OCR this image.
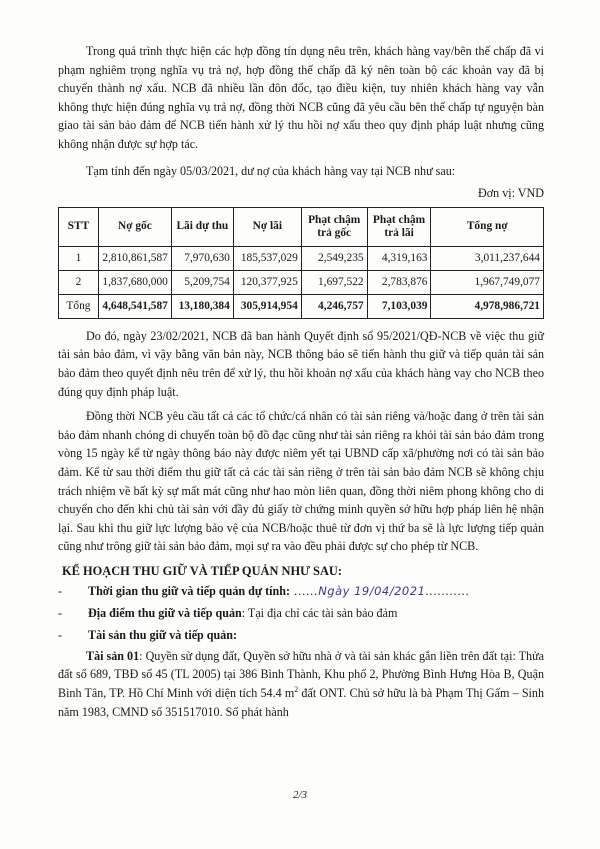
Trong quá trình thực hiện các hợp đồng tín dụng nêu trên, khách hàng vay/bên thế chấp đã vi phạm nghiêm trọng nghĩa vụ trả nợ, hợp đồng thế chấp đã ký nên toàn bộ các khoản vay đã bị chuyển thành nợ xấu. NCB đã nhiều lần đôn đốc, tạo điều kiện, tuy nhiên khách hàng vay vẫn không thực hiện đúng nghĩa vụ trả nợ, đồng thời NCB cũng đã yêu cầu bên thế chấp tự nguyện bàn giao tài sản bảo đảm để NCB tiến hành xử lý thu hồi nợ xấu theo quy định pháp luật nhưng cũng không nhận được sự hợp tác.

Tạm tính đến ngày 05/03/2021, dư nợ của khách hàng vay tại NCB như sau:

Đơn vị: VND

STT	Nợ gốc	Lãi dự thu	Nợ lãi	Phạt chậm trả gốc	Phạt chậm trả lãi	Tổng nợ
1	2,810,861,587	7,970,630	185,537,029	2,549,235	4,319,163	3,011,237,644
2	1,837,680,000	5,209,754	120,377,925	1,697,522	2,783,876	1,967,749,077
Tổng	4,648,541,587	13,180,384	305,914,954	4,246,757	7,103,039	4,978,986,721

Do đó, ngày 23/02/2021, NCB đã ban hành Quyết định số 95/2021/QĐ-NCB về việc thu giữ tài sản bảo đảm, vì vậy bằng văn bản này, NCB thông báo sẽ tiến hành thu giữ và tiếp quản tài sản bảo đảm theo quyết định nêu trên để xử lý, thu hồi khoản nợ xấu của khách hàng vay cho NCB theo đúng quy định pháp luật.

Đồng thời NCB yêu cầu tất cả các tổ chức/cá nhân có tài sản riêng và/hoặc đang ở trên tài sản bảo đảm nhanh chóng di chuyển toàn bộ đồ đạc cũng như tài sản riêng ra khỏi tài sản bảo đảm trong vòng 15 ngày kể từ ngày thông báo này được niêm yết tại UBND cấp xã/phường nơi có tài sản bảo đảm. Kể từ sau thời điểm thu giữ tất cả các tài sản riêng ở trên tài sản bảo đảm NCB sẽ không chịu trách nhiệm về bất kỳ sự mất mát cũng như hao mòn liên quan, đồng thời niêm phong không cho di chuyển cho đến khi chủ tài sản với đầy đủ giấy tờ chứng minh quyền sở hữu hợp pháp liên hệ nhận lại. Sau khi thu giữ lực lượng bảo vệ của NCB/hoặc thuê từ đơn vị thứ ba sẽ là lực lượng tiếp quản cũng như trông giữ tài sản bảo đảm, mọi sự ra vào đều phải được sự cho phép từ NCB.

KẾ HOẠCH THU GIỮ VÀ TIẾP QUẢN NHƯ SAU:
-	Thời gian thu giữ và tiếp quản dự tính: ......Ngày 19/04/2021...........
-	Địa điểm thu giữ và tiếp quản: Tại địa chỉ các tài sản bảo đảm
-	Tài sản thu giữ và tiếp quản:

Tài sản 01: Quyền sử dụng đất, Quyền sở hữu nhà ở và tài sản khác gắn liền trên đất tại: Thửa đất số 689, TBĐ số 45 (TL 2005) tại 386 Bình Thành, Khu phố 2, Phường Bình Hưng Hòa B, Quận Bình Tân, TP. Hồ Chí Minh với diện tích 54.4 $m^2$ đất ONT. Chủ sở hữu là bà Phạm Thị Gấm – Sinh năm 1983, CMND số 351517010. Số phát hành

2/3
